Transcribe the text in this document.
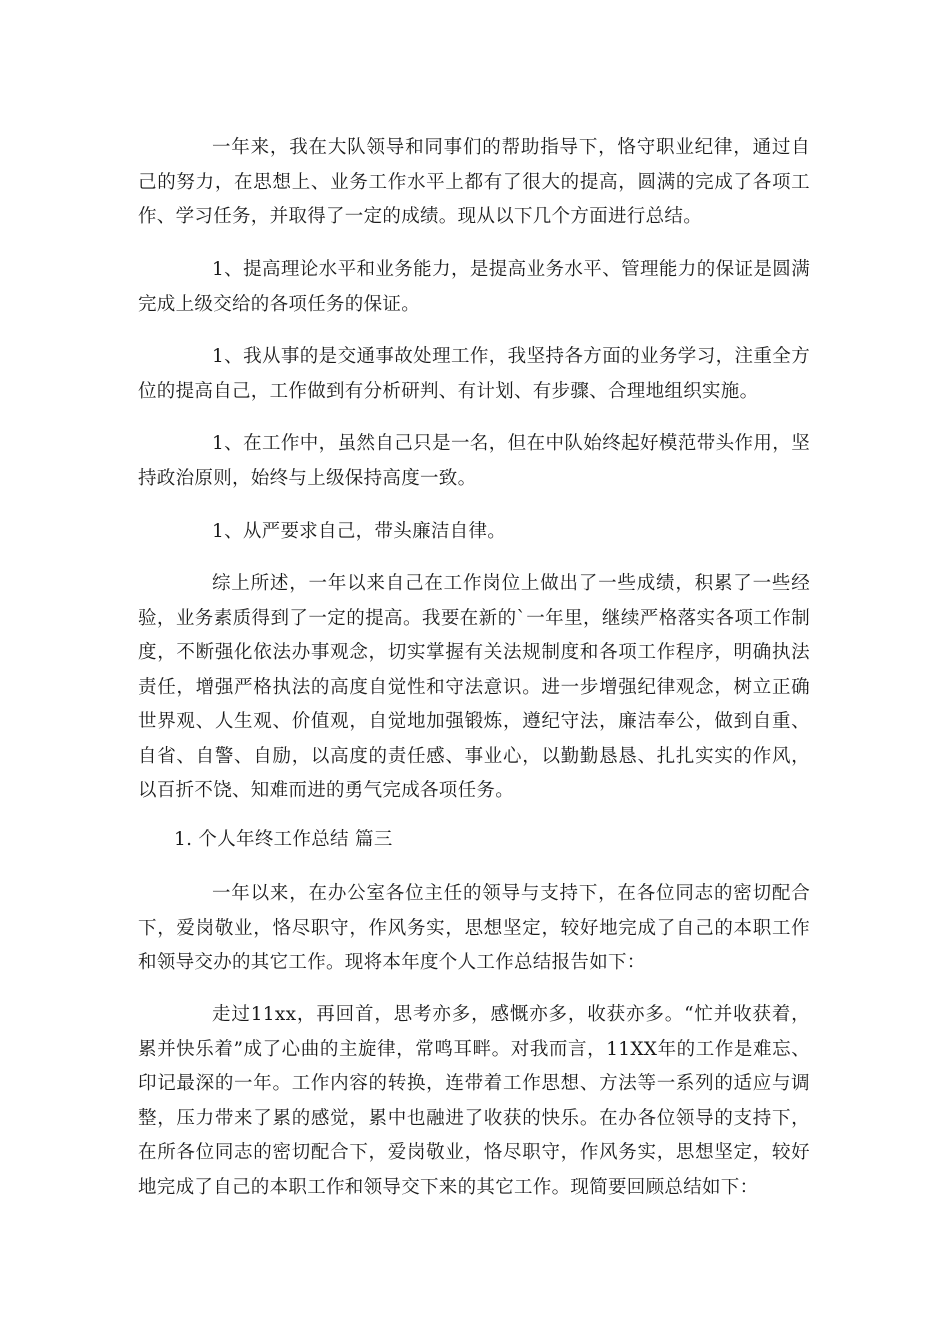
一年来，我在大队领导和同事们的帮助指导下，恪守职业纪律，通过自己的努力，在思想上、业务工作水平上都有了很大的提高，圆满的完成了各项工作、学习任务，并取得了一定的成绩。现从以下几个方面进行总结。

1、提高理论水平和业务能力，是提高业务水平、管理能力的保证是圆满完成上级交给的各项任务的保证。

1、我从事的是交通事故处理工作，我坚持各方面的业务学习，注重全方位的提高自己，工作做到有分析研判、有计划、有步骤、合理地组织实施。

1、在工作中，虽然自己只是一名，但在中队始终起好模范带头作用，坚持政治原则，始终与上级保持高度一致。

1、从严要求自己，带头廉洁自律。

综上所述，一年以来自己在工作岗位上做出了一些成绩，积累了一些经验，业务素质得到了一定的提高。我要在新的`一年里，继续严格落实各项工作制度，不断强化依法办事观念，切实掌握有关法规制度和各项工作程序，明确执法责任，增强严格执法的高度自觉性和守法意识。进一步增强纪律观念，树立正确世界观、人生观、价值观，自觉地加强锻炼，遵纪守法，廉洁奉公，做到自重、自省、自警、自励，以高度的责任感、事业心，以勤勤恳恳、扎扎实实的作风，以百折不饶、知难而进的勇气完成各项任务。

1. 个人年终工作总结 篇三

一年以来，在办公室各位主任的领导与支持下，在各位同志的密切配合下，爱岗敬业，恪尽职守，作风务实，思想坚定，较好地完成了自己的本职工作和领导交办的其它工作。现将本年度个人工作总结报告如下：

走过11xx，再回首，思考亦多，感慨亦多，收获亦多。“忙并收获着，累并快乐着”成了心曲的主旋律，常鸣耳畔。对我而言，11XX年的工作是难忘、印记最深的一年。工作内容的转换，连带着工作思想、方法等一系列的适应与调整，压力带来了累的感觉，累中也融进了收获的快乐。在办各位领导的支持下，在所各位同志的密切配合下，爱岗敬业，恪尽职守，作风务实，思想坚定，较好地完成了自己的本职工作和领导交下来的其它工作。现简要回顾总结如下：
